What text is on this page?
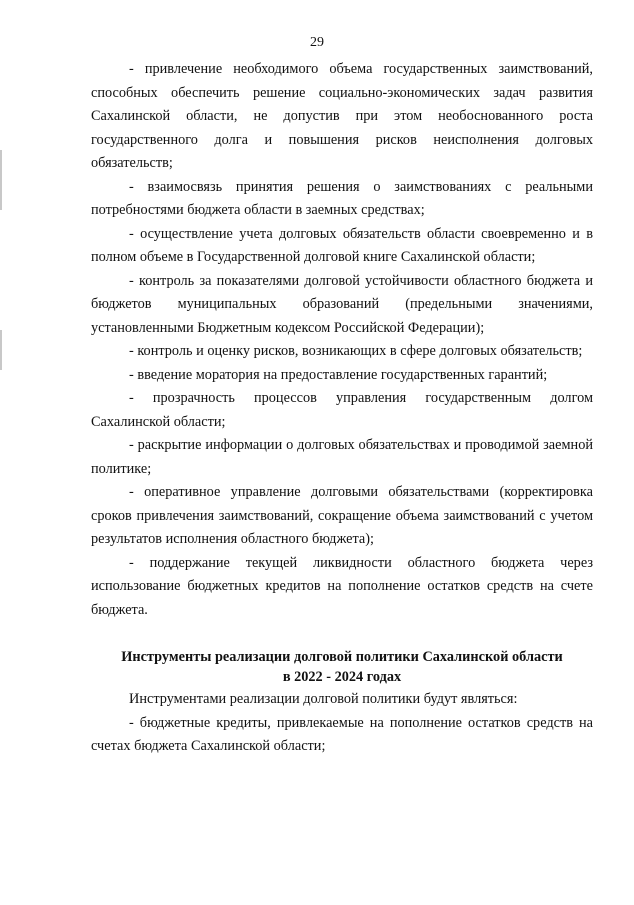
29

- привлечение необходимого объема государственных заимствований, способных обеспечить решение социально-экономических задач развития Сахалинской области, не допустив при этом необоснованного роста государственного долга и повышения рисков неисполнения долговых обязательств;

- взаимосвязь принятия решения о заимствованиях с реальными потребностями бюджета области в заемных средствах;

- осуществление учета долговых обязательств области своевременно и в полном объеме в Государственной долговой книге Сахалинской области;

- контроль за показателями долговой устойчивости областного бюджета и бюджетов муниципальных образований (предельными значениями, установленными Бюджетным кодексом Российской Федерации);

- контроль и оценку рисков, возникающих в сфере долговых обязательств;

- введение моратория на предоставление государственных гарантий;

- прозрачность процессов управления государственным долгом Сахалинской области;

- раскрытие информации о долговых обязательствах и проводимой заемной политике;

- оперативное управление долговыми обязательствами (корректировка сроков привлечения заимствований, сокращение объема заимствований с учетом результатов исполнения областного бюджета);

- поддержание текущей ликвидности областного бюджета через использование бюджетных кредитов на пополнение остатков средств на счете бюджета.

Инструменты реализации долговой политики Сахалинской области

в 2022 - 2024 годах

Инструментами реализации долговой политики будут являться:

- бюджетные кредиты, привлекаемые на пополнение остатков средств на счетах бюджета Сахалинской области;
